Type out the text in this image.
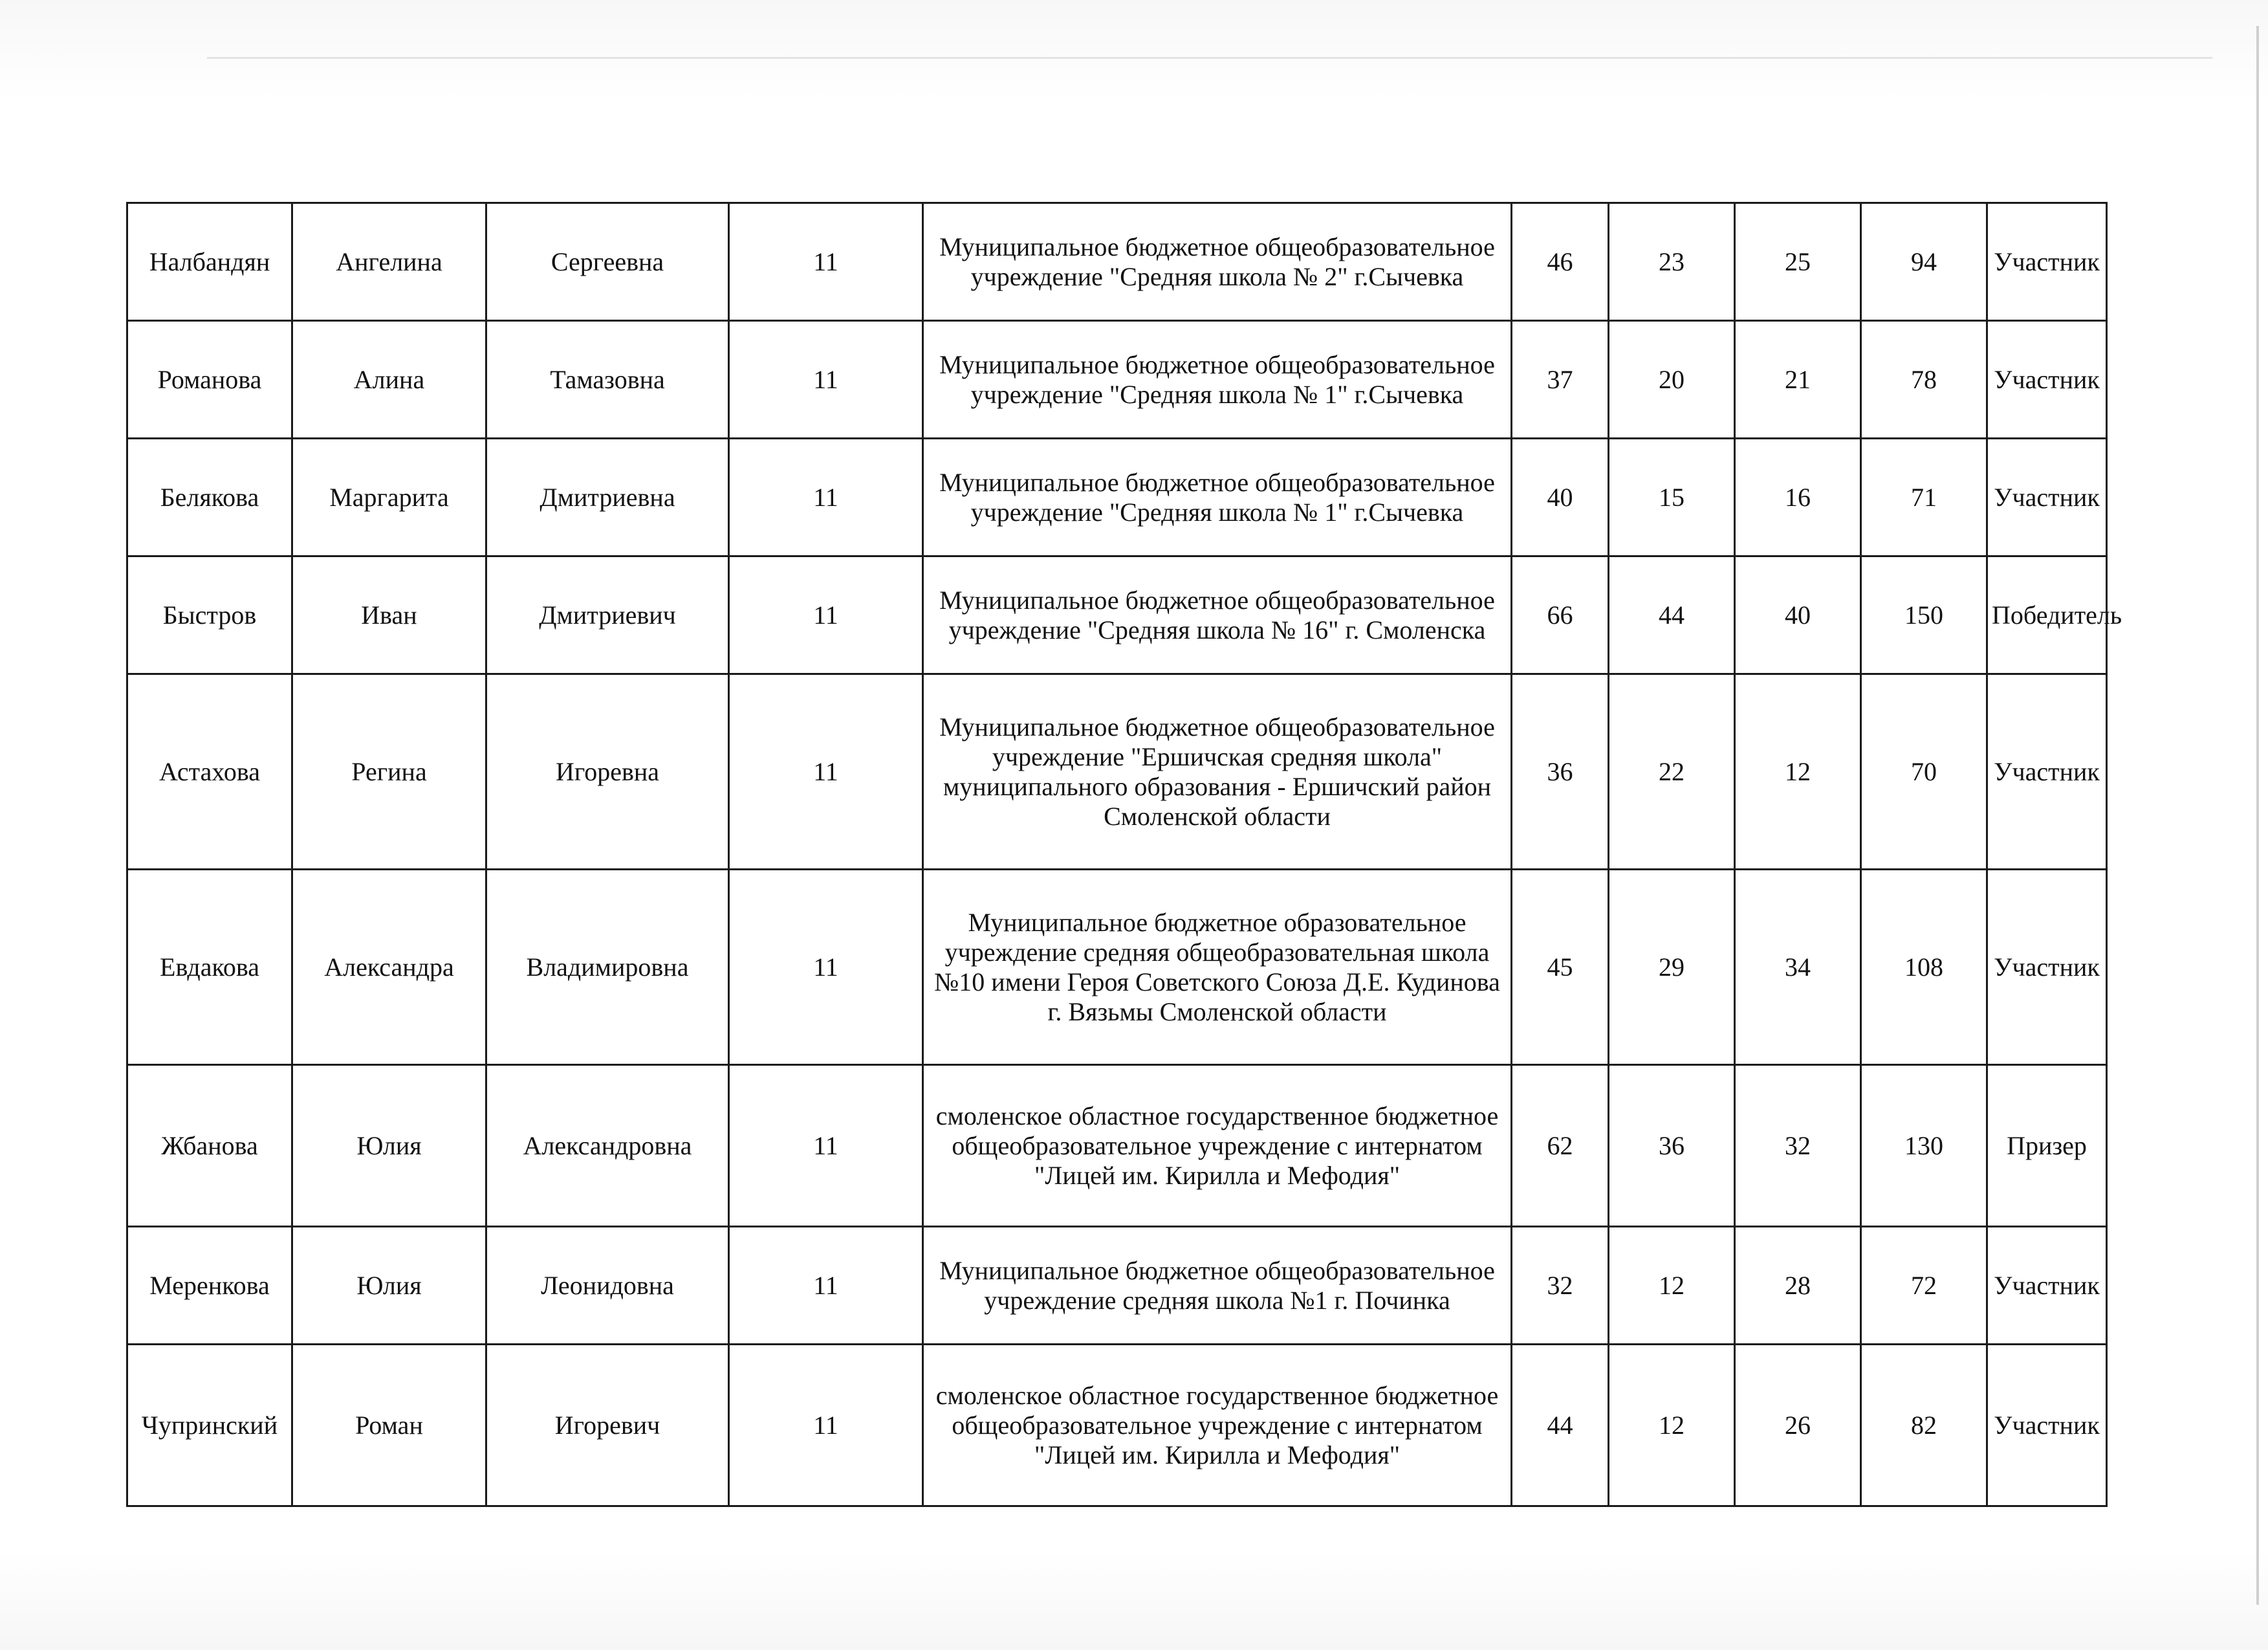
Налбандян	Ангелина	Сергеевна	11	Муниципальное бюджетное общеобразовательное учреждение "Средняя школа № 2" г.Сычевка	46	23	25	94	Участник
Романова	Алина	Тамазовна	11	Муниципальное бюджетное общеобразовательное учреждение "Средняя школа № 1" г.Сычевка	37	20	21	78	Участник
Белякова	Маргарита	Дмитриевна	11	Муниципальное бюджетное общеобразовательное учреждение "Средняя школа № 1" г.Сычевка	40	15	16	71	Участник
Быстров	Иван	Дмитриевич	11	Муниципальное бюджетное общеобразовательное учреждение "Средняя школа № 16" г. Смоленска	66	44	40	150	Победитель
Астахова	Регина	Игоревна	11	Муниципальное бюджетное общеобразовательное учреждение "Ершичская средняя школа" муниципального образования - Ершичский район Смоленской области	36	22	12	70	Участник
Евдакова	Александра	Владимировна	11	Муниципальное бюджетное образовательное учреждение средняя общеобразовательная школа №10 имени Героя Советского Союза Д.Е. Кудинова г. Вязьмы Смоленской области	45	29	34	108	Участник
Жбанова	Юлия	Александровна	11	смоленское областное государственное бюджетное общеобразовательное учреждение с интернатом "Лицей им. Кирилла и Мефодия"	62	36	32	130	Призер
Меренкова	Юлия	Леонидовна	11	Муниципальное бюджетное общеобразовательное учреждение средняя школа №1 г. Починка	32	12	28	72	Участник
Чупринский	Роман	Игоревич	11	смоленское областное государственное бюджетное общеобразовательное учреждение с интернатом "Лицей им. Кирилла и Мефодия"	44	12	26	82	Участник
